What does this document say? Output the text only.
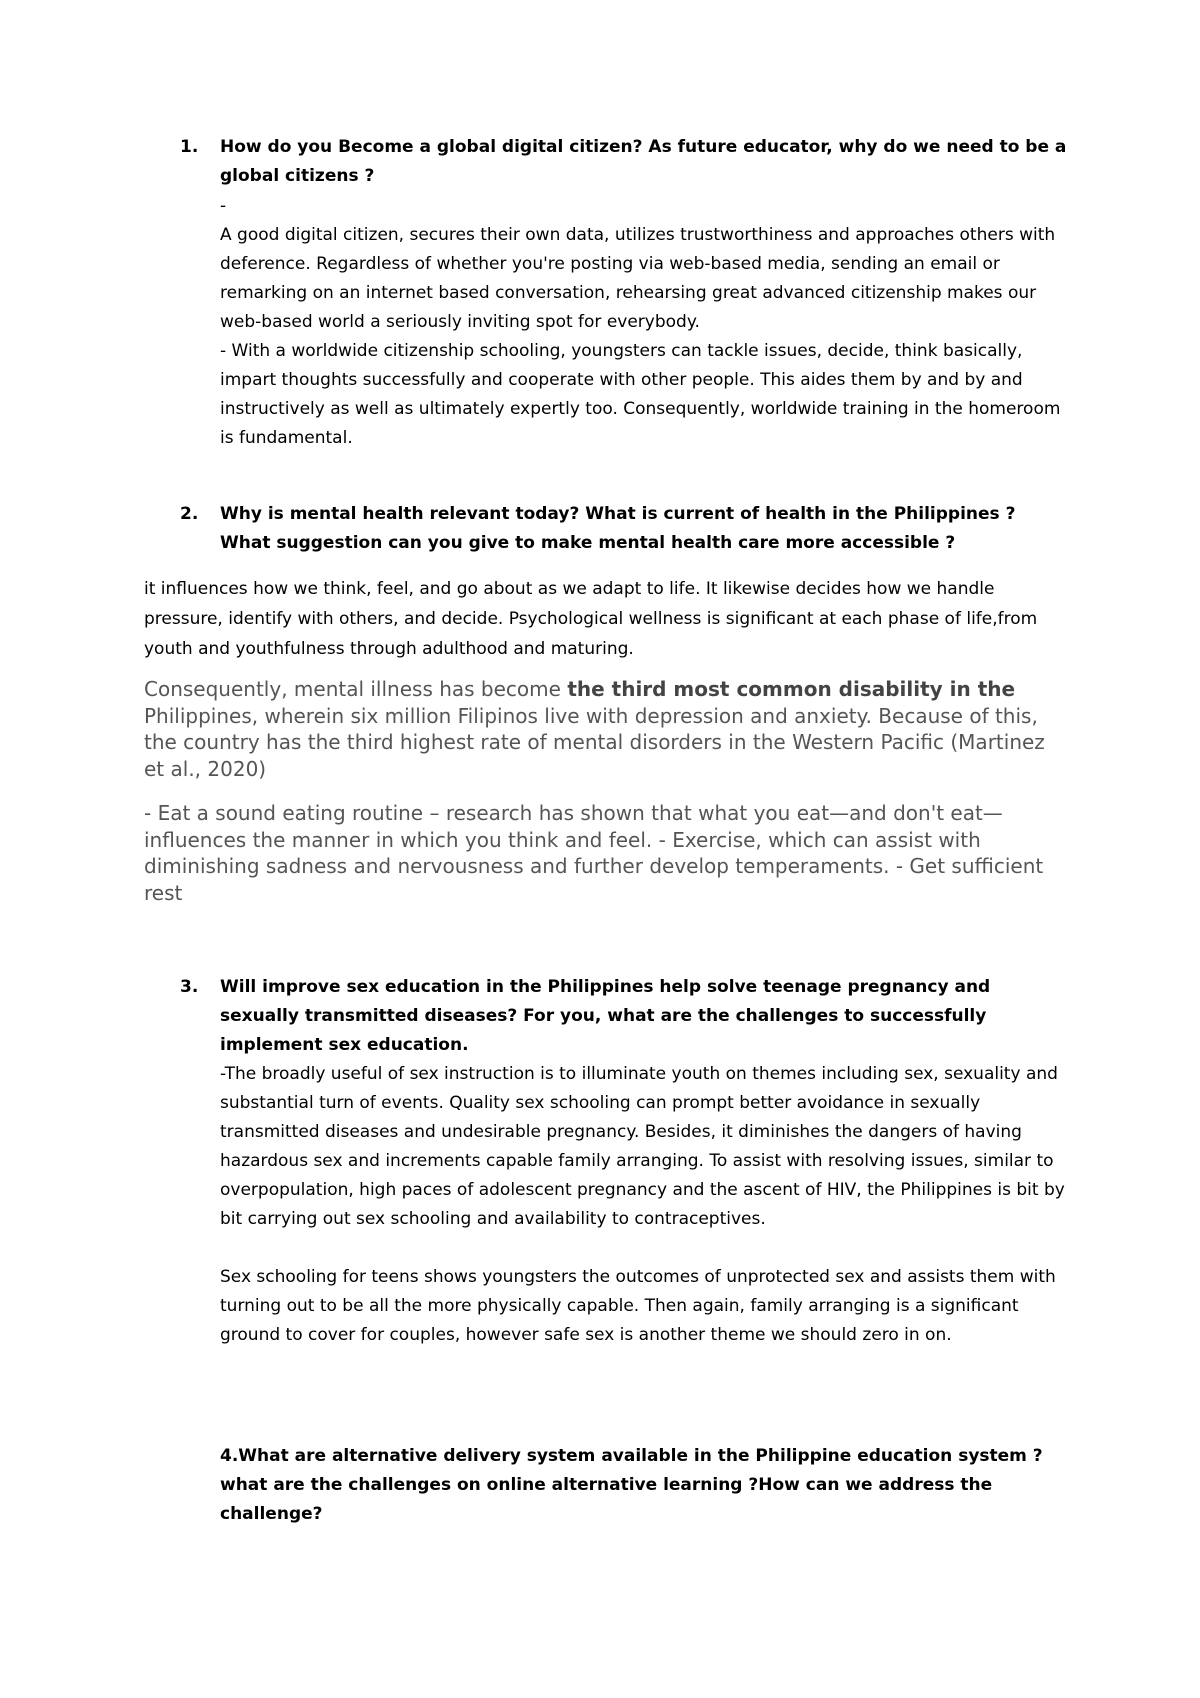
1. How do you Become a global digital citizen? As future educator, why do we need to be a global citizens ?

-

A good digital citizen, secures their own data, utilizes trustworthiness and approaches others with deference. Regardless of whether you're posting via web-based media, sending an email or remarking on an internet based conversation, rehearsing great advanced citizenship makes our web-based world a seriously inviting spot for everybody.

- With a worldwide citizenship schooling, youngsters can tackle issues, decide, think basically, impart thoughts successfully and cooperate with other people. This aides them by and by and instructively as well as ultimately expertly too. Consequently, worldwide training in the homeroom is fundamental.

2. Why is mental health relevant today? What is current of health in the Philippines ? What suggestion can you give to make mental health care more accessible ?

it influences how we think, feel, and go about as we adapt to life. It likewise decides how we handle pressure, identify with others, and decide. Psychological wellness is significant at each phase of life,from youth and youthfulness through adulthood and maturing.

Consequently, mental illness has become the third most common disability in the Philippines, wherein six million Filipinos live with depression and anxiety. Because of this, the country has the third highest rate of mental disorders in the Western Pacific (Martinez et al., 2020)

- Eat a sound eating routine – research has shown that what you eat—and don't eat—influences the manner in which you think and feel. - Exercise, which can assist with diminishing sadness and nervousness and further develop temperaments. - Get sufficient rest

3. Will improve sex education in the Philippines help solve teenage pregnancy and sexually transmitted diseases? For you, what are the challenges to successfully implement sex education.

-The broadly useful of sex instruction is to illuminate youth on themes including sex, sexuality and substantial turn of events. Quality sex schooling can prompt better avoidance in sexually transmitted diseases and undesirable pregnancy. Besides, it diminishes the dangers of having hazardous sex and increments capable family arranging. To assist with resolving issues, similar to overpopulation, high paces of adolescent pregnancy and the ascent of HIV, the Philippines is bit by bit carrying out sex schooling and availability to contraceptives.

Sex schooling for teens shows youngsters the outcomes of unprotected sex and assists them with turning out to be all the more physically capable. Then again, family arranging is a significant ground to cover for couples, however safe sex is another theme we should zero in on.

4.What are alternative delivery system available in the Philippine education system ?what are the challenges on online alternative learning ?How can we address the challenge?
